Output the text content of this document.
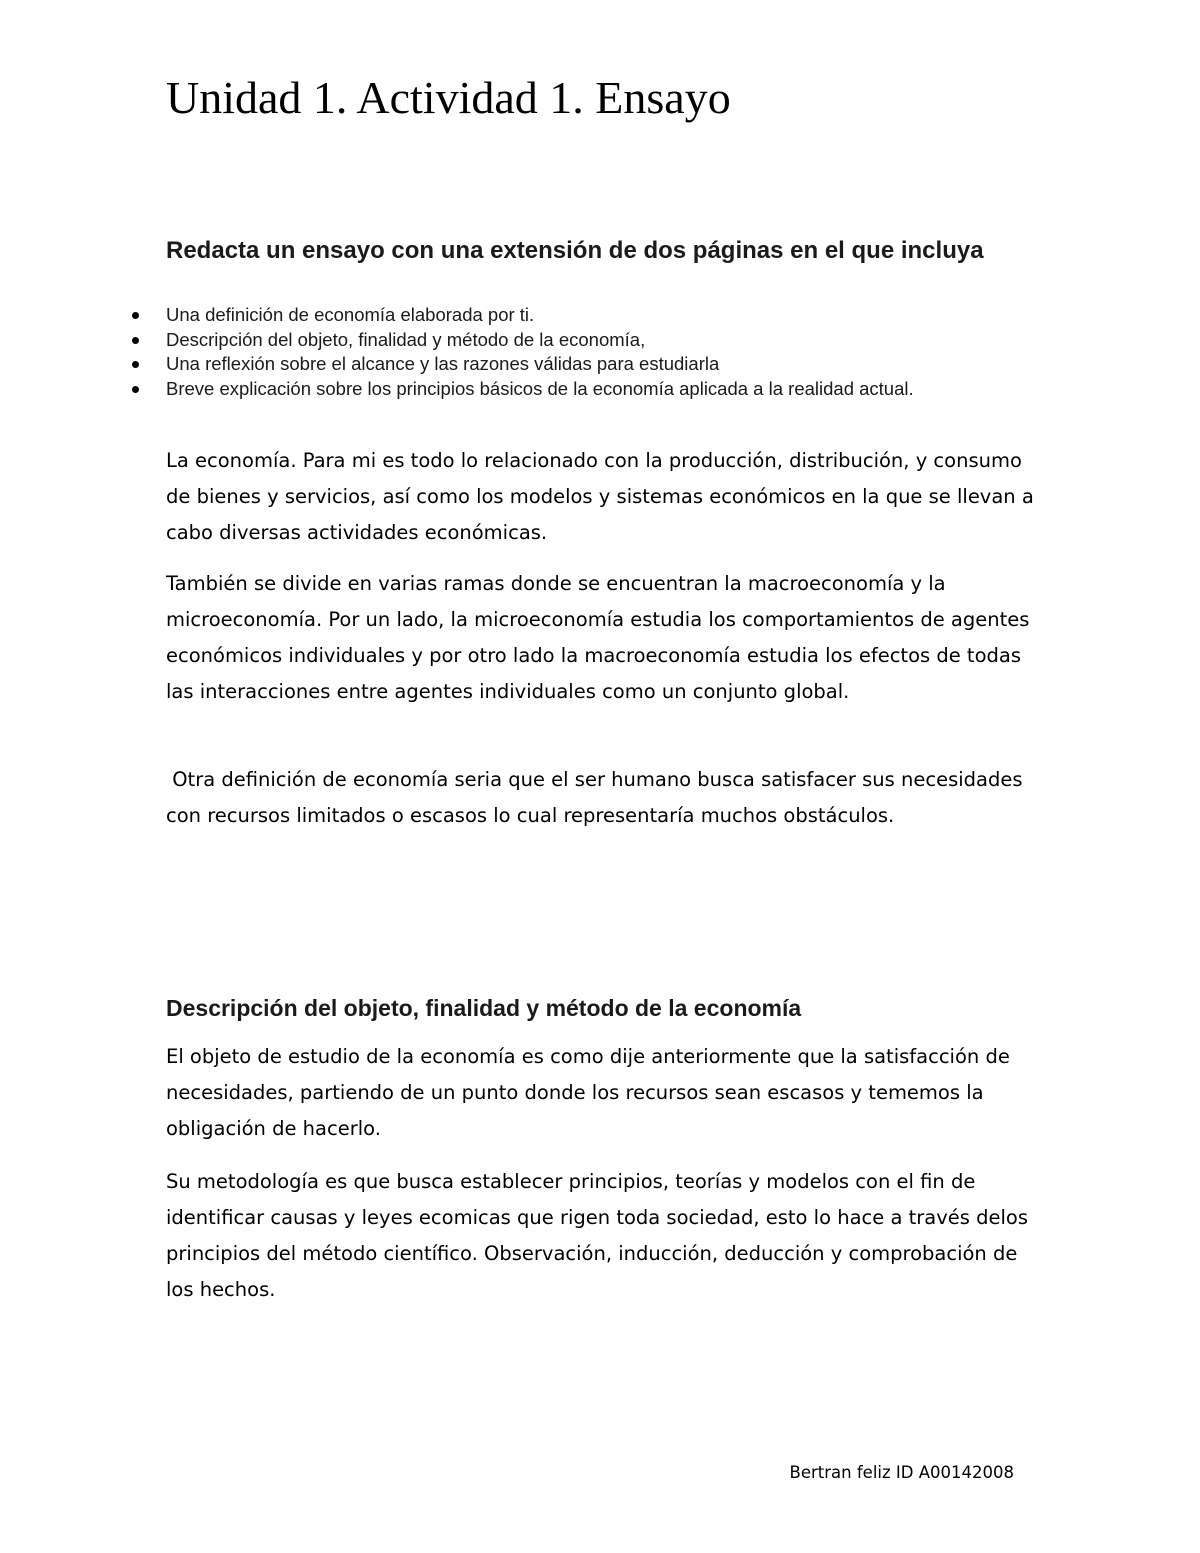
Unidad 1. Actividad 1. Ensayo
Redacta un ensayo con una extensión de dos páginas en el que incluya
Una definición de economía elaborada por ti.
Descripción del objeto, finalidad y método de la economía,
Una reflexión sobre el alcance y las razones válidas para estudiarla
Breve explicación sobre los principios básicos de la economía aplicada a la realidad actual.

La economía. Para mi es todo lo relacionado con la producción, distribución, y consumo de bienes y servicios, así como los modelos y sistemas económicos en la que se llevan a cabo diversas actividades económicas.

También se divide en varias ramas donde se encuentran la macroeconomía y la microeconomía. Por un lado, la microeconomía estudia los comportamientos de agentes económicos individuales y por otro lado la macroeconomía estudia los efectos de todas las interacciones entre agentes individuales como un conjunto global.

Otra definición de economía seria que el ser humano busca satisfacer sus necesidades con recursos limitados o escasos lo cual representaría muchos obstáculos.

Descripción del objeto, finalidad y método de la economía

El objeto de estudio de la economía es como dije anteriormente que la satisfacción de necesidades, partiendo de un punto donde los recursos sean escasos y tememos la obligación de hacerlo.

Su metodología es que busca establecer principios, teorías y modelos con el fin de identificar causas y leyes ecomicas que rigen toda sociedad, esto lo hace a través delos principios del método científico. Observación, inducción, deducción y comprobación de los hechos.

Bertran feliz ID A00142008
